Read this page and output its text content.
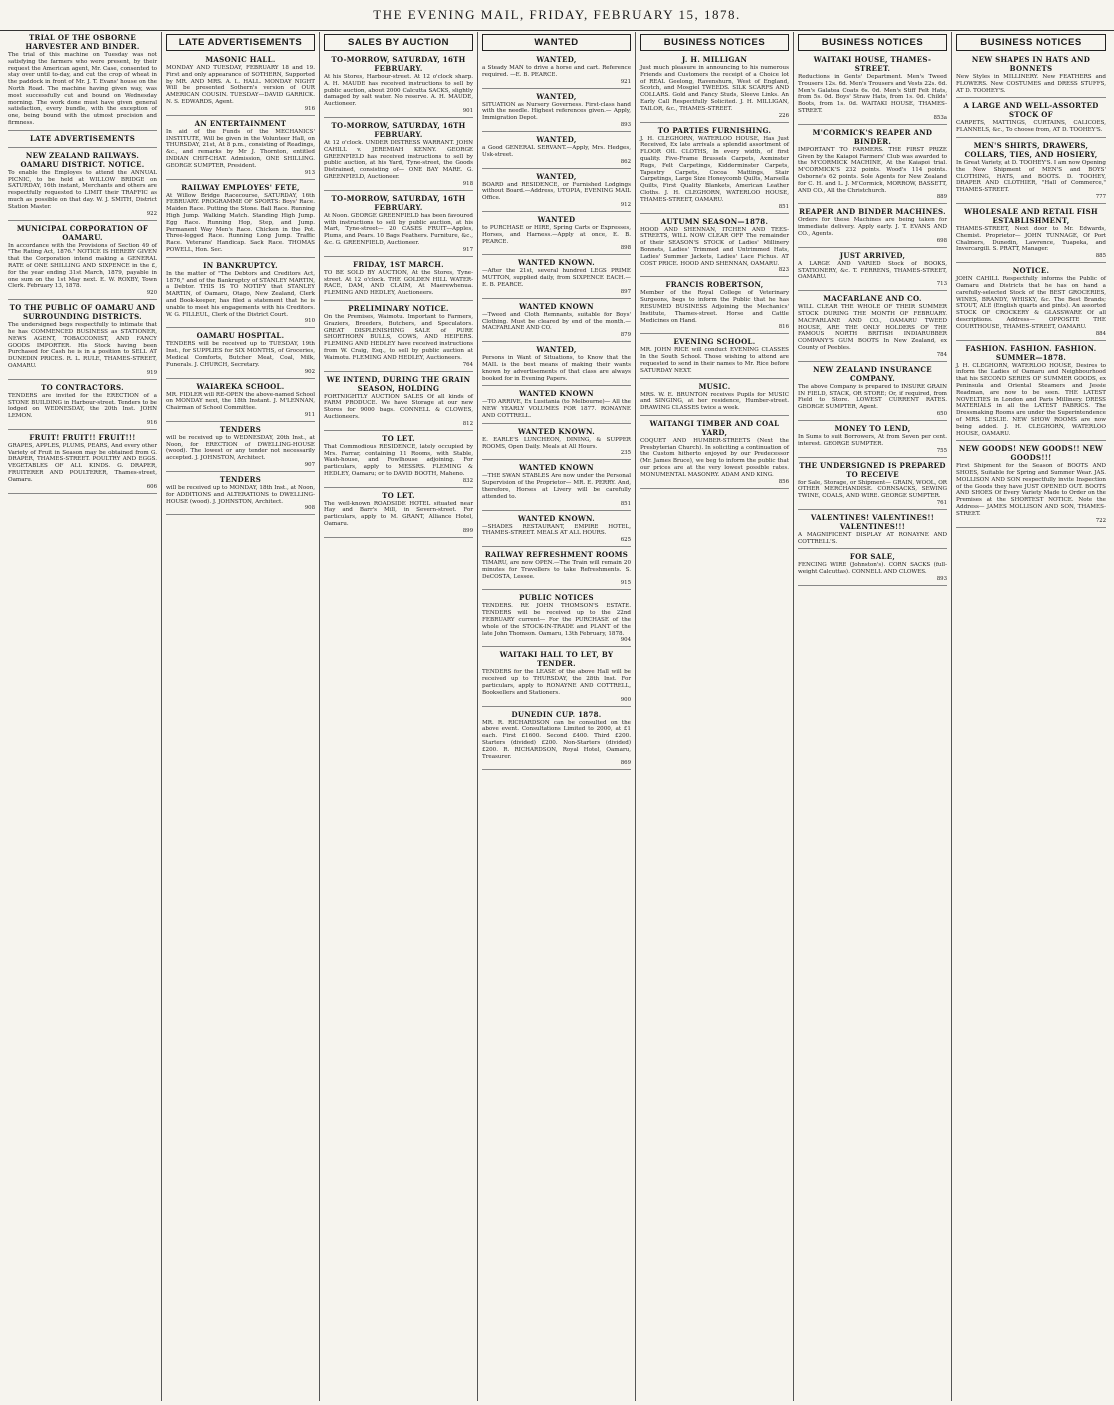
THE EVENING MAIL, FRIDAY, FEBRUARY 15, 1878.
TRIAL OF THE OSBORNE HARVESTER AND BINDER.
The trial of this machine on Tuesday was not satisfying the farmers who were present, by their request the American agent, Mr. Case, consented to stay over until to-day, and cut the crop of wheat in the paddock in front of Mr. J. T. Evans' house on the North Road. The machine having given way, was most successfully cut and bound on Wednesday morning. The work done must have given general satisfaction, every bundle, with the exception of one, being bound with the utmost precision and firmness.
LATE ADVERTISEMENTS
NEW ZEALAND RAILWAYS. OAMARU DISTRICT. NOTICE.
To enable the Employes to attend the ANNUAL PICNIC, to be held at WILLOW BRIDGE on SATURDAY, 16th instant, Merchants and others are respectfully requested to LIMIT their TRAFFIC as much as possible on that day. W. J. SMITH, District Station Master.
922
MUNICIPAL CORPORATION OF OAMARU.
In accordance with the Provisions of Section 49 of "The Rating Act, 1876." NOTICE IS HEREBY GIVEN that the Corporation intend making a GENERAL RATE of ONE SHILLING AND SIXPENCE in the £, for the year ending 31st March, 1879, payable in one sum on the 1st May next. E. W. ROXBY, Town Clerk. February 13, 1878.
920
TO THE PUBLIC OF OAMARU AND SURROUNDING DISTRICTS.
The undersigned begs respectfully to intimate that he has COMMENCED BUSINESS as STATIONER, NEWS AGENT, TOBACCONIST, AND FANCY GOODS IMPORTER. His Stock having been Purchased for Cash he is in a position to SELL AT DUNEDIN PRICES. R. L. RULE, THAMES-STREET, OAMARU.
919
TO CONTRACTORS.
TENDERS are invited for the ERECTION of a STONE BUILDING in Harbour-street. Tenders to be lodged on WEDNESDAY, the 20th Inst. JOHN LEMON.
916
FRUIT! FRUIT!! FRUIT!!!
GRAPES, APPLES, PLUMS, PEARS, And every other Variety of Fruit in Season may be obtained from G. DRAPER, THAMES-STREET. POULTRY AND EGGS. VEGETABLES OF ALL KINDS. G. DRAPER, FRUITERER AND POULTERER, Thames-street, Oamaru.
606
LATE ADVERTISEMENTS
MASONIC HALL.
MONDAY AND TUESDAY, FEBRUARY 18 and 19. First and only appearance of SOTHERN, Supported by MR. AND MRS. A. L. HALL. MONDAY NIGHT Will be presented Sothern's version of OUR AMERICAN COUSIN. TUESDAY—DAVID GARRICK. N. S. EDWARDS, Agent.
916
AN ENTERTAINMENT
In aid of the Funds of the MECHANICS' INSTITUTE, Will be given in the Volunteer Hall, on THURSDAY, 21st, At 8 p.m., consisting of Readings, &c., and remarks by Mr J. Thornton, entitled INDIAN CHIT-CHAT. Admission, ONE SHILLING. GEORGE SUMPTER, President.
913
RAILWAY EMPLOYES' FETE,
At Willow Bridge Racecourse, SATURDAY, 16th FEBRUARY. PROGRAMME OF SPORTS: Boys' Race. Maiden Race. Putting the Stone. Ball Race. Running High Jump. Walking Match. Standing High Jump. Egg Race. Running Hop, Step, and Jump. Permanent Way Men's Race. Chicken in the Pot. Three-legged Race. Running Long Jump. Traffic Race. Veterans' Handicap. Sack Race. THOMAS POWELL, Hon. Sec.
IN BANKRUPTCY.
In the matter of "The Debtors and Creditors Act, 1876," and of the Bankruptcy of STANLEY MARTIN, a Debtor. THIS IS TO NOTIFY that STANLEY MARTIN, of Oamaru, Otago, New Zealand, Clerk and Book-keeper, has filed a statement that he is unable to meet his engagements with his Creditors. W. G. FILLEUL, Clerk of the District Court.
910
OAMARU HOSPITAL.
TENDERS will be received up to TUESDAY, 19th Inst., for SUPPLIES for SIX MONTHS, of Groceries, Medical Comforts, Butcher Meat, Coal, Milk, Funerals. J. CHURCH, Secretary.
902
WAIAREKA SCHOOL.
MR. FIDLER will RE-OPEN the above-named School on MONDAY next, the 18th Instant. J. M'LENNAN, Chairman of School Committee.
911
TENDERS
will be received up to WEDNESDAY, 20th Inst., at Noon, for ERECTION of DWELLING-HOUSE (wood). The lowest or any tender not necessarily accepted. J. JOHNSTON, Architect.
907
TENDERS
will be received up to MONDAY, 18th Inst., at Noon, for ADDITIONS and ALTERATIONS to DWELLING-HOUSE (wood). J. JOHNSTON, Architect.
908
SALES BY AUCTION
TO-MORROW, SATURDAY, 16TH FEBRUARY.
At his Stores, Harbour-street. At 12 o'clock sharp. A. H. MAUDE has received instructions to sell by public auction, about 2000 Calcutta SACKS, slightly damaged by salt water. No reserve. A. H. MAUDE, Auctioneer.
901
TO-MORROW, SATURDAY, 16TH FEBRUARY.
At 12 o'clock. UNDER DISTRESS WARRANT. JOHN CAHILL v. JEREMIAH KENNY. GEORGE GREENFIELD has received instructions to sell by public auction, at his Yard, Tyne-street, the Goods Distrained, consisting of— ONE BAY MARE. G. GREENFIELD, Auctioneer.
918
TO-MORROW, SATURDAY, 16TH FEBRUARY.
At Noon. GEORGE GREENFIELD has been favoured with instructions to sell by public auction, at his Mart, Tyne-street— 20 CASES FRUIT—Apples, Plums, and Pears. 10 Bags Feathers. Furniture, &c., &c. G. GREENFIELD, Auctioneer.
917
FRIDAY, 1ST MARCH.
TO BE SOLD BY AUCTION, At the Stores, Tyne-street. At 12 o'clock. THE GOLDEN HILL WATER-RACE, DAM, AND CLAIM, At Maerewhenua. FLEMING AND HEDLEY, Auctioneers.
PRELIMINARY NOTICE.
On the Premises, Waimotu. Important to Farmers, Graziers, Breeders, Butchers, and Speculators. GREAT DISPLENISHING SALE of PURE SHORTHORN BULLS, COWS, AND HEIFERS. FLEMING AND HEDLEY have received instructions from W. Craig, Esq., to sell by public auction at Waimotu. FLEMING AND HEDLEY, Auctioneers.
764
WE INTEND, DURING THE GRAIN SEASON, HOLDING
FORTNIGHTLY AUCTION SALES Of all kinds of FARM PRODUCE. We have Storage at our new Stores for 9000 bags. CONNELL & CLOWES, Auctioneers.
812
TO LET.
That Commodious RESIDENCE, lately occupied by Mrs. Farrar, containing 11 Rooms, with Stable, Wash-house, and Fowlhouse adjoining. For particulars, apply to MESSRS. FLEMING & HEDLEY, Oamaru; or to DAVID BOOTH, Maheno.
832
TO LET.
The well-known ROADSIDE HOTEL situated near Hay and Barr's Mill, in Severn-street. For particulars, apply to M. GRANT, Alliance Hotel, Oamaru.
899
WANTED
WANTED,
a Steady MAN to drive a horse and cart. Reference required. —E. B. PEARCE.
921
WANTED,
SITUATION as Nursery Governess. First-class hand with the needle. Highest references given.— Apply, Immigration Depot.
893
WANTED,
a Good GENERAL SERVANT.—Apply, Mrs. Hedges, Usk-street.
862
WANTED,
BOARD and RESIDENCE, or Furnished Lodgings without Board.—Address, UTOPIA, EVENING MAIL Office.
912
WANTED
to PURCHASE or HIRE, Spring Carts or Expresses, Horses, and Harness.—Apply at once, E. B. PEARCE.
898
WANTED KNOWN.
—After the 21st, several hundred LEGS PRIME MUTTON, supplied daily, from SIXPENCE EACH.—E. B. PEARCE.
897
WANTED KNOWN
—Tweed and Cloth Remnants, suitable for Boys' Clothing. Must be cleared by end of the month.—MACFARLANE AND CO.
879
WANTED,
Persons in Want of Situations, to Know that the MAIL is the best means of making their wants known by advertisements of that class are always booked for in Evening Papers.
WANTED KNOWN
—TO ARRIVE, Ex Lusitania (to Melbourne)— All the NEW YEARLY VOLUMES FOR 1877. RONAYNE AND COTTRELL.
WANTED KNOWN.
E. EARLE'S LUNCHEON, DINING, & SUPPER ROOMS, Open Daily. Meals at All Hours.
235
WANTED KNOWN
—THE SWAN STABLES Are now under the Personal Supervision of the Proprietor— MR. E. PERRY. And, therefore, Horses at Livery will be carefully attended to.
851
WANTED KNOWN.
—SHADES RESTAURANT, EMPIRE HOTEL, THAMES-STREET. MEALS AT ALL HOURS.
625
RAILWAY REFRESHMENT ROOMS
TIMARU, are now OPEN.—The Train will remain 20 minutes for Travellers to take Refreshments. S. DeCOSTA, Lessee.
915
PUBLIC NOTICES
TENDERS. RE JOHN THOMSON'S ESTATE. TENDERS will be received up to the 22nd FEBRUARY current— For the PURCHASE of the whole of the STOCK-IN-TRADE and PLANT of the late John Thomson. Oamaru, 13th February, 1878.
904
WAITAKI HALL TO LET, BY TENDER.
TENDERS for the LEASE of the above Hall will be received up to THURSDAY, the 28th Inst. For particulars, apply to RONAYNE AND COTTRELL, Booksellers and Stationers.
900
DUNEDIN CUP. 1878.
MR. R. RICHARDSON can be consulted on the above event. Consultations Limited to 2000, at £1 each. First £1600. Second £400. Third £200. Starters (divided) £200. Non-Starters (divided) £200. R. RICHARDSON, Royal Hotel, Oamaru, Treasurer.
869
BUSINESS NOTICES
J. H. MILLIGAN
Just much pleasure in announcing to his numerous Friends and Customers the receipt of a Choice lot of REAL Geelong, Ravenshurn, West of England, Scotch, and Mosgiel TWEEDS. SILK SCARFS AND COLLARS. Gold and Fancy Studs, Sleeve Links. An Early Call Respectfully Solicited. J. H. MILLIGAN, TAILOR, &c., THAMES-STREET.
226
TO PARTIES FURNISHING.
J. H. CLEGHORN, WATERLOO HOUSE, Has Just Received, Ex late arrivals a splendid assortment of FLOOR OIL CLOTHS, In every width, of first quality. Five-Frame Brussels Carpets, Axminster Rugs, Felt Carpetings, Kidderminster Carpets, Tapestry Carpets, Cocoa Mattings, Stair Carpetings, Large Size Honeycomb Quilts, Marsella Quilts, First Quality Blankets, American Leather Cloths. J. H. CLEGHORN, WATERLOO HOUSE, THAMES-STREET, OAMARU.
851
AUTUMN SEASON—1878.
HOOD AND SHENNAN, ITCHEN AND TEES-STREETS, WILL NOW CLEAR OFF The remainder of their SEASON'S STOCK of Ladies' Millinery Bonnets, Ladies' Trimmed and Untrimmed Hats, Ladies' Summer Jackets, Ladies' Lace Fichus. AT COST PRICE. HOOD AND SHENNAN, OAMARU.
823
FRANCIS ROBERTSON,
Member of the Royal College of Veterinary Surgeons, begs to inform the Public that he has RESUMED BUSINESS Adjoining the Mechanics' Institute, Thames-street. Horse and Cattle Medicines on Hand.
816
EVENING SCHOOL.
MR. JOHN RICE will conduct EVENING CLASSES In the South School. Those wishing to attend are requested to send in their names to Mr. Rice before SATURDAY NEXT.
MUSIC.
MRS. W. E. BRUNTON receives Pupils for MUSIC and SINGING, at her residence, Humber-street. DRAWING CLASSES twice a week.
WAITANGI TIMBER AND COAL YARD,
COQUET AND HUMBER-STREETS (Next the Presbyterian Church). In soliciting a continuation of the Custom hitherto enjoyed by our Predecessor (Mr. James Bruce), we beg to inform the public that our prices are at the very lowest possible rates. MONUMENTAL MASONRY. ADAM AND KING.
856
BUSINESS NOTICES
WAITAKI HOUSE, THAMES-STREET.
Reductions in Gents' Department. Men's Tweed Trousers 12s. 6d. Men's Trousers and Vests 22s. 6d. Men's Galatea Coats 6s. 0d. Men's Stiff Felt Hats, from 5s. 0d. Boys' Straw Hats, from 1s. 0d. Childs' Boots, from 1s. 0d. WAITAKI HOUSE, THAMES-STREET.
853a
M'CORMICK'S REAPER AND BINDER.
IMPORTANT TO FARMERS. THE FIRST PRIZE Given by the Kaiapoi Farmers' Club was awarded to the M'CORMICK MACHINE, At the Kaiapoi trial. M'CORMICK'S 232 points. Wood's 114 points. Osborne's 62 points. Sole Agents for New Zealand for C. H. and L. J. M'Cormick, MORROW, BASSETT, AND CO., All the Christchurch.
889
REAPER AND BINDER MACHINES.
Orders for these Machines are being taken for immediate delivery. Apply early. J. T. EVANS AND CO., Agents.
698
JUST ARRIVED,
A LARGE AND VARIED Stock of BOOKS, STATIONERY, &c. T. FERRENS, THAMES-STREET, OAMARU.
713
MACFARLANE AND CO.
WILL CLEAR THE WHOLE OF THEIR SUMMER STOCK DURING THE MONTH OF FEBRUARY. MACFARLANE AND CO., OAMARU TWEED HOUSE, ARE THE ONLY HOLDERS OF THE FAMOUS NORTH BRITISH INDIARUBBER COMPANY'S GUM BOOTS In New Zealand, ex County of Peebles.
784
NEW ZEALAND INSURANCE COMPANY.
The above Company is prepared to INSURE GRAIN IN FIELD, STACK, OR STORE; Or, if required, from Field to Store. LOWEST CURRENT RATES. GEORGE SUMPTER, Agent.
650
MONEY TO LEND,
In Sums to suit Borrowers, At from Seven per cent. interest. GEORGE SUMPTER.
755
THE UNDERSIGNED IS PREPARED TO RECEIVE
for Sale, Storage, or Shipment— GRAIN, WOOL, OR OTHER MERCHANDISE. CORNSACKS, SEWING TWINE, COALS, AND WIRE. GEORGE SUMPTER.
761
VALENTINES! VALENTINES!! VALENTINES!!!
A MAGNIFICENT DISPLAY AT RONAYNE AND COTTRELL'S.
FOR SALE,
FENCING WIRE (Johnston's). CORN SACKS (full-weight Calcuttas). CONNELL AND CLOWES.
893
BUSINESS NOTICES
NEW SHAPES IN HATS AND BONNETS
New Styles in MILLINERY. New FEATHERS and FLOWERS. New COSTUMES and DRESS STUFFS, AT D. TOOHEY'S.
A LARGE AND WELL-ASSORTED STOCK OF
CARPETS, MATTINGS, CURTAINS, CALICOES, FLANNELS, &c., To choose from, AT D. TOOHEY'S.
MEN'S SHIRTS, DRAWERS, COLLARS, TIES, AND HOSIERY,
In Great Variety, at D. TOOHEY'S. I am now Opening the New Shipment of MEN'S and BOYS' CLOTHING, HATS, and BOOTS. D. TOOHEY, DRAPER AND CLOTHIER, "Hall of Commerce," THAMES-STREET.
777
WHOLESALE AND RETAIL FISH ESTABLISHMENT,
THAMES-STREET, Next door to Mr. Edwards, Chemist. Proprietor— JOHN TUNNAGE, Of Port Chalmers, Dunedin, Lawrence, Tuapeka, and Invercargill. S. PRATT, Manager.
885
NOTICE.
JOHN CAHILL Respectfully informs the Public of Oamaru and Districts that he has on hand a carefully-selected Stock of the BEST GROCERIES, WINES, BRANDY, WHISKY, &c. The Best Brands; STOUT, ALE (English quarts and pints). An assorted STOCK OF CROCKERY & GLASSWARE Of all descriptions. Address— OPPOSITE THE COURTHOUSE, THAMES-STREET, OAMARU.
884
FASHION. FASHION. FASHION. SUMMER—1878.
J. H. CLEGHORN, WATERLOO HOUSE, Desires to inform the Ladies of Oamaru and Neighbourhood that his SECOND SERIES OF SUMMER GOODS, ex Peninsula and Oriental Steamers and Jessie Readman, are now to be seen. THE LATEST NOVELTIES in London and Paris Millinery. DRESS MATERIALS in all the LATEST FABRICS. The Dressmaking Rooms are under the Superintendence of MRS. LESLIE. NEW SHOW ROOMS are now being added. J. H. CLEGHORN, WATERLOO HOUSE, OAMARU.
NEW GOODS! NEW GOODS!! NEW GOODS!!!
First Shipment for the Season of BOOTS AND SHOES, Suitable for Spring and Summer Wear. JAS. MOLLISON AND SON respectfully invite Inspection of the Goods they have JUST OPENED OUT. BOOTS AND SHOES Of Every Variety Made to Order on the Premises at the SHORTEST NOTICE. Note the Address— JAMES MOLLISON AND SON, THAMES-STREET.
722
